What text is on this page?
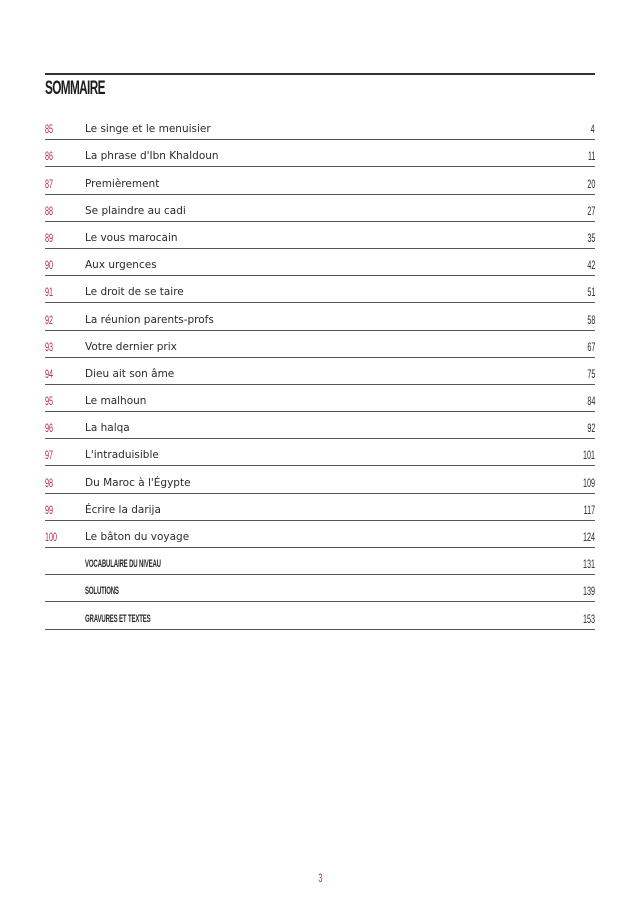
SOMMAIRE
85	Le singe et le menuisier	4
86	La phrase d'Ibn Khaldoun	11
87	Premièrement	20
88	Se plaindre au cadi	27
89	Le vous marocain	35
90	Aux urgences	42
91	Le droit de se taire	51
92	La réunion parents-profs	58
93	Votre dernier prix	67
94	Dieu ait son âme	75
95	Le malhoun	84
96	La halqa	92
97	L'intraduisible	101
98	Du Maroc à l'Égypte	109
99	Écrire la darija	117
100	Le bâton du voyage	124
VOCABULAIRE DU NIVEAU	131
SOLUTIONS	139
GRAVURES ET TEXTES	153
3
